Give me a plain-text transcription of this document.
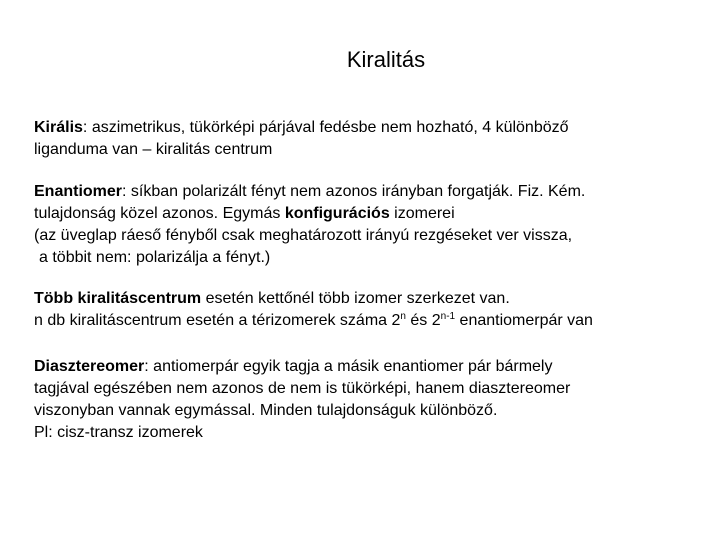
Kiralitás
Királis: aszimetrikus, tükörképi párjával fedésbe nem hozható, 4 különböző
liganduma van – kiralitás centrum
Enantiomer: síkban polarizált fényt nem azonos irányban forgatják. Fiz. Kém.
tulajdonság közel azonos. Egymás konfigurációs izomerei
(az üveglap ráeső fényből csak meghatározott irányú rezgéseket ver vissza,
a többit nem: polarizálja a fényt.)
Több kiralitáscentrum esetén kettőnél több izomer szerkezet van.
n db kiralitáscentrum esetén a térizomerek száma 2$^n$ és 2$^{n-1}$ enantiomerpár van
Diasztereomer: antiomerpár egyik tagja a másik enantiomer pár bármely
tagjával egészében nem azonos de nem is tükörképi, hanem diasztereomer
viszonyban vannak egymással. Minden tulajdonságuk különböző.
Pl: cisz-transz izomerek
